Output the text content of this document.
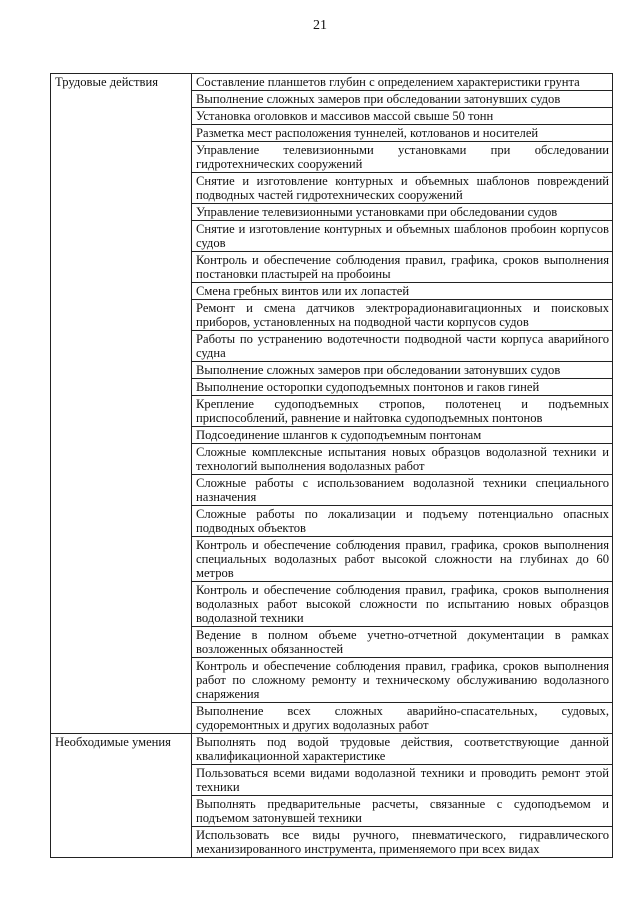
21
Трудовые действия	Составление планшетов глубин с определением характеристики грунта
	Выполнение сложных замеров при обследовании затонувших судов
	Установка оголовков и массивов массой свыше 50 тонн
	Разметка мест расположения туннелей, котлованов и носителей
	Управление телевизионными установками при обследовании гидротехнических сооружений
	Снятие и изготовление контурных и объемных шаблонов повреждений подводных частей гидротехнических сооружений
	Управление телевизионными установками при обследовании судов
	Снятие и изготовление контурных и объемных шаблонов пробоин корпусов судов
	Контроль и обеспечение соблюдения правил, графика, сроков выполнения постановки пластырей на пробоины
	Смена гребных винтов или их лопастей
	Ремонт и смена датчиков электрорадионавигационных и поисковых приборов, установленных на подводной части корпусов судов
	Работы по устранению водотечности подводной части корпуса аварийного судна
	Выполнение сложных замеров при обследовании затонувших судов
	Выполнение осторопки судоподъемных понтонов и гаков гиней
	Крепление судоподъемных стропов, полотенец и подъемных приспособлений, равнение и найтовка судоподъемных понтонов
	Подсоединение шлангов к судоподъемным понтонам
	Сложные комплексные испытания новых образцов водолазной техники и технологий выполнения водолазных работ
	Сложные работы с использованием водолазной техники специального назначения
	Сложные работы по локализации и подъему потенциально опасных подводных объектов
	Контроль и обеспечение соблюдения правил, графика, сроков выполнения специальных водолазных работ высокой сложности на глубинах до 60 метров
	Контроль и обеспечение соблюдения правил, графика, сроков выполнения водолазных работ высокой сложности по испытанию новых образцов водолазной техники
	Ведение в полном объеме учетно-отчетной документации в рамках возложенных обязанностей
	Контроль и обеспечение соблюдения правил, графика, сроков выполнения работ по сложному ремонту и техническому обслуживанию водолазного снаряжения
	Выполнение всех сложных аварийно-спасательных, судовых, судоремонтных и других водолазных работ
Необходимые умения	Выполнять под водой трудовые действия, соответствующие данной квалификационной характеристике
	Пользоваться всеми видами водолазной техники и проводить ремонт этой техники
	Выполнять предварительные расчеты, связанные с судоподъемом и подъемом затонувшей техники
	Использовать все виды ручного, пневматического, гидравлического механизированного инструмента, применяемого при всех видах
